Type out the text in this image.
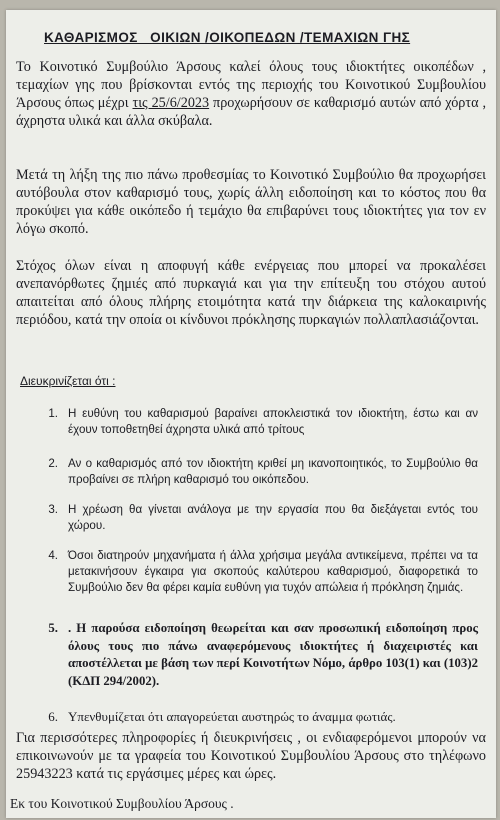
ΚΑΘΑΡΙΣΜΟΣ   ΟΙΚΙΩΝ /ΟΙΚΟΠΕΔΩΝ /ΤΕΜΑΧΙΩΝ ΓΗΣ
Το Κοινοτικό Συμβούλιο Άρσους καλεί όλους τους ιδιοκτήτες οικοπέδων , τεμαχίων γης που βρίσκονται εντός της περιοχής του Κοινοτικού Συμβουλίου Άρσους όπως μέχρι τις 25/6/2023 προχωρήσουν σε καθαρισμό αυτών από χόρτα , άχρηστα υλικά και άλλα σκύβαλα.
Μετά τη λήξη της πιο πάνω προθεσμίας το Κοινοτικό Συμβούλιο θα προχωρήσει αυτόβουλα στον καθαρισμό τους, χωρίς άλλη ειδοποίηση και το κόστος που θα προκύψει για κάθε οικόπεδο ή τεμάχιο θα επιβαρύνει τους ιδιοκτήτες για τον εν λόγω σκοπό.
Στόχος όλων είναι η αποφυγή κάθε ενέργειας που μπορεί να προκαλέσει ανεπανόρθωτες ζημιές από πυρκαγιά και για την επίτευξη του στόχου αυτού απαιτείται από όλους πλήρης ετοιμότητα κατά την διάρκεια της καλοκαιρινής περιόδου, κατά την οποία οι κίνδυνοι πρόκλησης πυρκαγιών πολλαπλασιάζονται.
Διευκρινίζεται ότι :
1. Η ευθύνη του καθαρισμού βαραίνει αποκλειστικά τον ιδιοκτήτη, έστω και αν έχουν τοποθετηθεί άχρηστα υλικά από τρίτους
2. Αν ο καθαρισμός από τον ιδιοκτήτη κριθεί μη ικανοποιητικός, το Συμβούλιο θα προβαίνει σε πλήρη καθαρισμό του οικόπεδου.
3. Η χρέωση θα γίνεται ανάλογα με την εργασία που θα διεξάγεται εντός του χώρου.
4. Όσοι διατηρούν μηχανήματα ή άλλα χρήσιμα μεγάλα αντικείμενα, πρέπει να τα μετακινήσουν έγκαιρα για σκοπούς καλύτερου καθαρισμού, διαφορετικά το Συμβούλιο δεν θα φέρει καμία ευθύνη για τυχόν απώλεια ή πρόκληση ζημιάς.
5. . Η παρούσα ειδοποίηση θεωρείται και σαν προσωπική ειδοποίηση προς όλους τους πιο πάνω αναφερόμενους ιδιοκτήτες ή διαχειριστές και αποστέλλεται με βάση των περί Κοινοτήτων Νόμο, άρθρο 103(1) και (103)2 (ΚΔΠ 294/2002).
6. Υπενθυμίζεται ότι απαγορεύεται αυστηρώς το άναμμα φωτιάς.
Για περισσότερες πληροφορίες ή διευκρινήσεις , οι ενδιαφερόμενοι μπορούν να επικοινωνούν με τα γραφεία του Κοινοτικού Συμβουλίου Άρσους στο τηλέφωνο 25943223 κατά τις εργάσιμες μέρες και ώρες.
Εκ του Κοινοτικού Συμβουλίου Άρσους .
